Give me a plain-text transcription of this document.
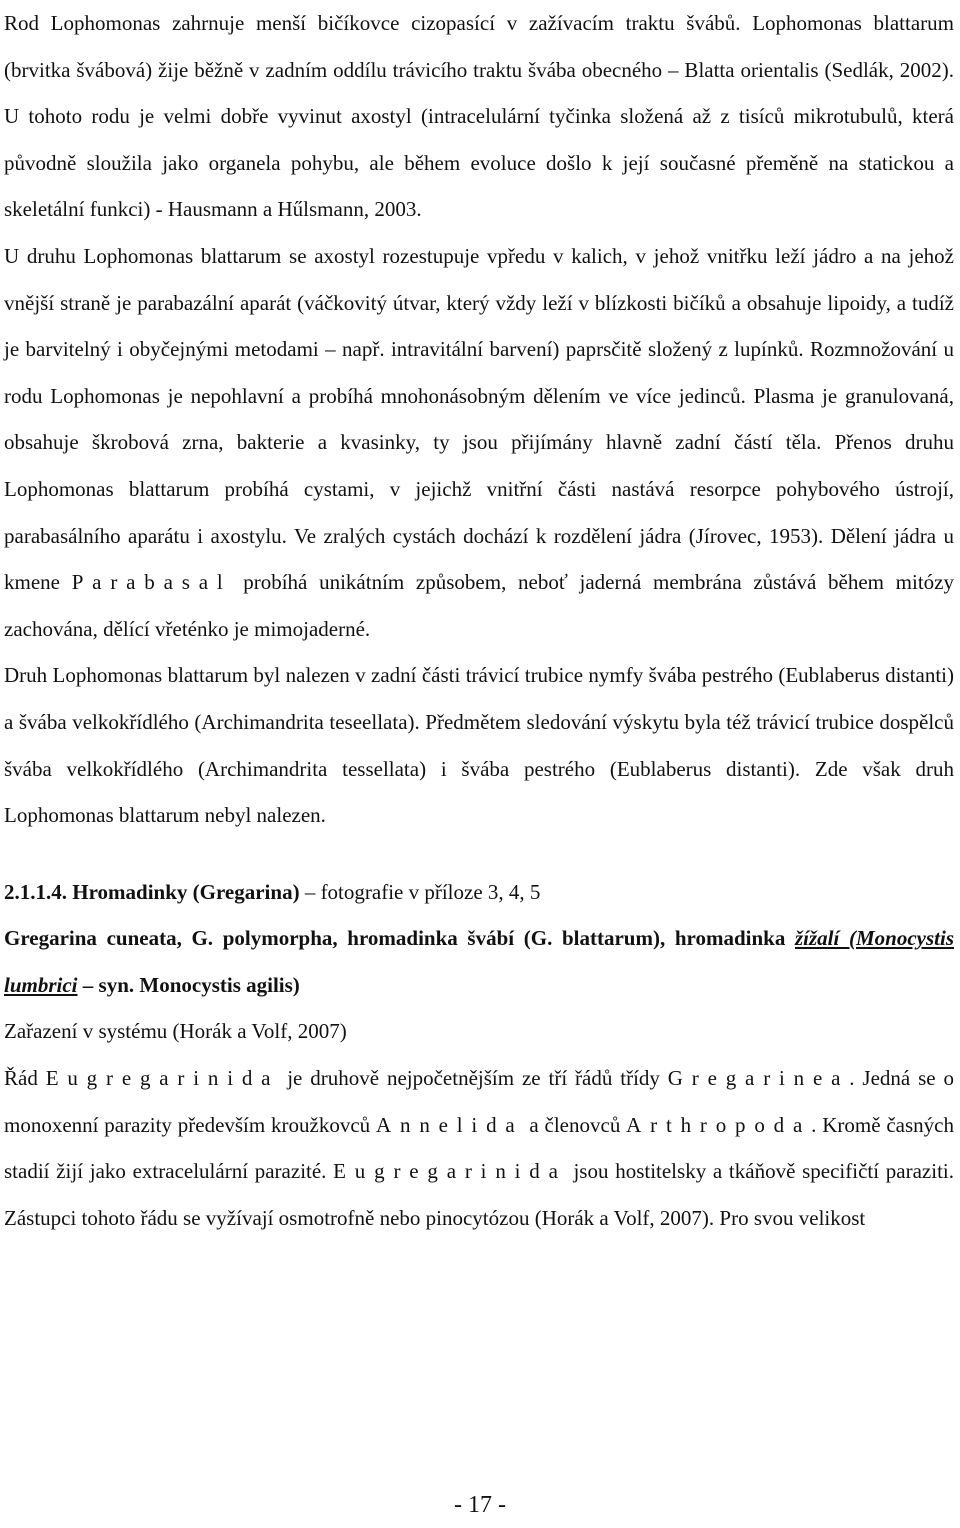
Rod Lophomonas zahrnuje menší bičíkovce cizopasící v zažívacím traktu švábů. Lophomonas blattarum (brvitka švábová) žije běžně v zadním oddílu trávicího traktu švába obecného – Blatta orientalis (Sedlák, 2002). U tohoto rodu je velmi dobře vyvinut axostyl (intracelulární tyčinka složená až z tisíců mikrotubulů, která původně sloužila jako organela pohybu, ale během evoluce došlo k její současné přeměně na statickou a skeletální funkci) - Hausmann a Hűlsmann, 2003.

U druhu Lophomonas blattarum se axostyl rozestupuje vpředu v kalich, v jehož vnitřku leží jádro a na jehož vnější straně je parabazální aparát (váčkovitý útvar, který vždy leží v blízkosti bičíků a obsahuje lipoidy, a tudíž je barvitelný i obyčejnými metodami – např. intravitální barvení) paprsčitě složený z lupínků. Rozmnožování u rodu Lophomonas je nepohlavní a probíhá mnohonásobným dělením ve více jedinců. Plasma je granulovaná, obsahuje škrobová zrna, bakterie a kvasinky, ty jsou přijímány hlavně zadní částí těla. Přenos druhu Lophomonas blattarum probíhá cystami, v jejichž vnitřní části nastává resorpce pohybového ústrojí, parabasálního aparátu i axostylu. Ve zralých cystách dochází k rozdělení jádra (Jírovec, 1953). Dělení jádra u kmene Parabasal probíhá unikátním způsobem, neboť jaderná membrána zůstává během mitózy zachována, dělící vřeténko je mimojaderné.

Druh Lophomonas blattarum byl nalezen v zadní části trávicí trubice nymfy švába pestrého (Eublaberus distanti) a švába velkokřídlého (Archimandrita teseellata). Předmětem sledování výskytu byla též trávicí trubice dospělců švába velkokřídlého (Archimandrita tessellata) i švába pestrého (Eublaberus distanti). Zde však druh Lophomonas blattarum nebyl nalezen.

2.1.1.4. Hromadinky (Gregarina) – fotografie v příloze 3, 4, 5

Gregarina cuneata, G. polymorpha, hromadinka švábí (G. blattarum), hromadinka žížalí (Monocystis lumbrici – syn. Monocystis agilis)

Zařazení v systému (Horák a Volf, 2007)

Řád Eugregarinida je druhově nejpočetnějším ze tří řádů třídy Gregarinea. Jedná se o monoxenní parazity především kroužkovců Annelida a členovců Arthropoda. Kromě časných stadií žijí jako extracelulární parazité. Eugregarinida jsou hostitelsky a tkáňově specifičtí paraziti. Zástupci tohoto řádu se vyžívají osmotrofně nebo pinocytózou (Horák a Volf, 2007). Pro svou velikost

- 17 -
